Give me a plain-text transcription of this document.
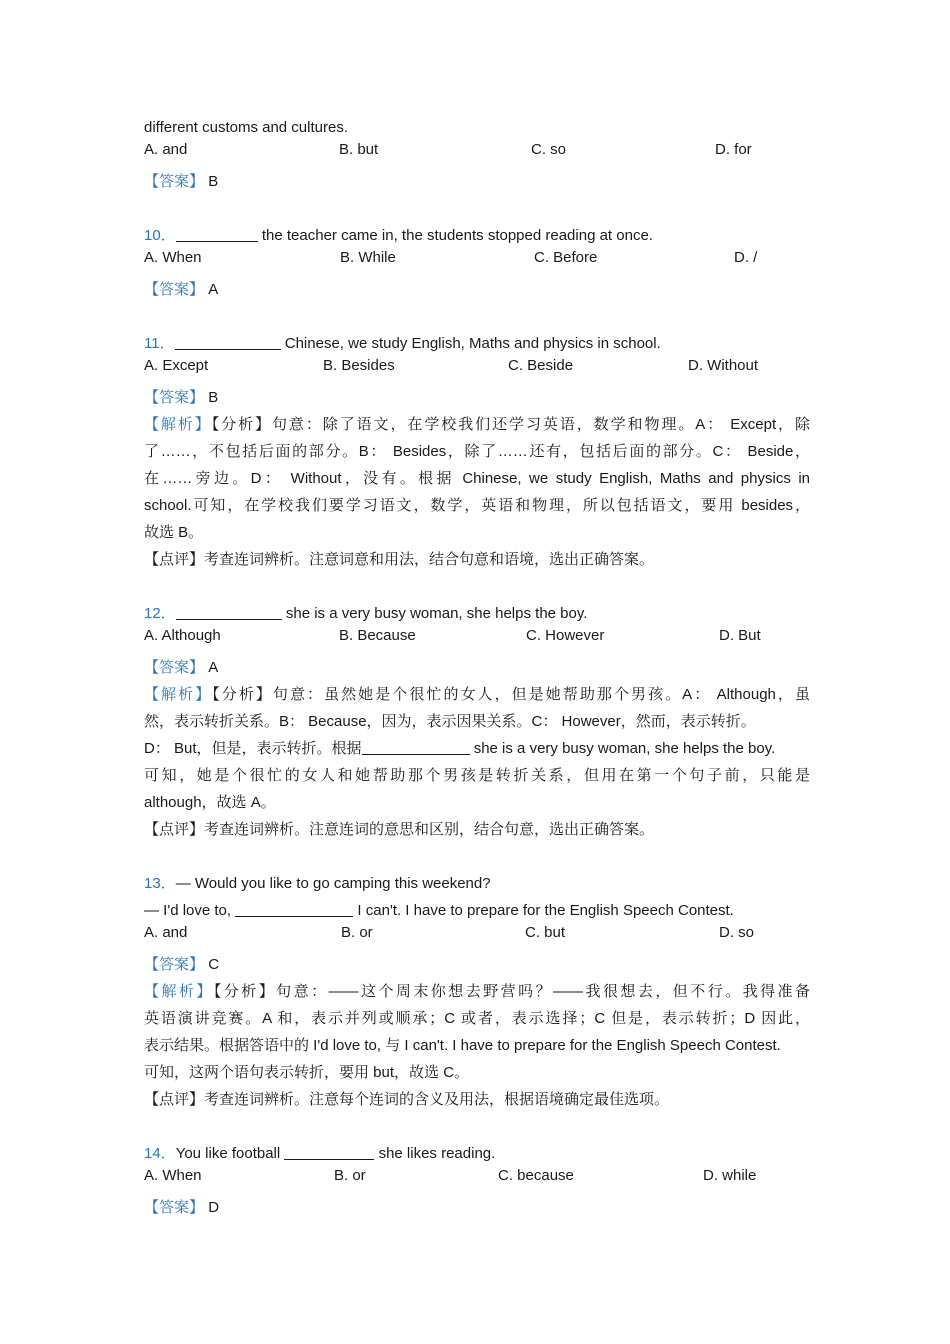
different customs and cultures.
A. and	B. but	C. so	D. for
【答案】 B
10．	the teacher came in, the students stopped reading at once.
A. When	B. While	C. Before	D. /
【答案】 A
11．	Chinese, we study English, Maths and physics in school.
A. Except	B. Besides	C. Beside	D. Without
【答案】 B
【解析】【分析】句意：除了语文，在学校我们还学习英语，数学和物理。A： Except，除
了……，不包括后面的部分。B： Besides，除了……还有，包括后面的部分。C： Beside，
在……旁边。D： Without，没有。根据 Chinese, we study English, Maths and physics in
school.可知，在学校我们要学习语文，数学，英语和物理，所以包括语文，要用 besides，
故选 B。
【点评】考查连词辨析。注意词意和用法，结合句意和语境，选出正确答案。
12．	she is a very busy woman, she helps the boy.
A. Although	B. Because	C. However	D. But
【答案】 A
【解析】【分析】句意：虽然她是个很忙的女人，但是她帮助那个男孩。A： Although，虽
然，表示转折关系。B： Because，因为，表示因果关系。C： However，然而，表示转折。
D： But，但是，表示转折。根据	she is a very busy woman, she helps the boy.
可知，她是个很忙的女人和她帮助那个男孩是转折关系，但用在第一个句子前，只能是
although，故选 A。
【点评】考查连词辨析。注意连词的意思和区别，结合句意，选出正确答案。
13．— Would you like to go camping this weekend?
— I'd love to,	I can't. I have to prepare for the English Speech Contest.
A. and	B. or	C. but	D. so
【答案】 C
【解析】【分析】句意：——这个周末你想去野营吗？——我很想去，但不行。我得准备
英语演讲竞赛。A 和，表示并列或顺承；C 或者，表示选择；C 但是，表示转折；D 因此，
表示结果。根据答语中的 I'd love to, 与 I can't. I have to prepare for the English Speech Contest.
可知，这两个语句表示转折，要用 but，故选 C。
【点评】考查连词辨析。注意每个连词的含义及用法，根据语境确定最佳选项。
14．You like football	she likes reading.
A. When	B. or	C. because	D. while
【答案】 D
